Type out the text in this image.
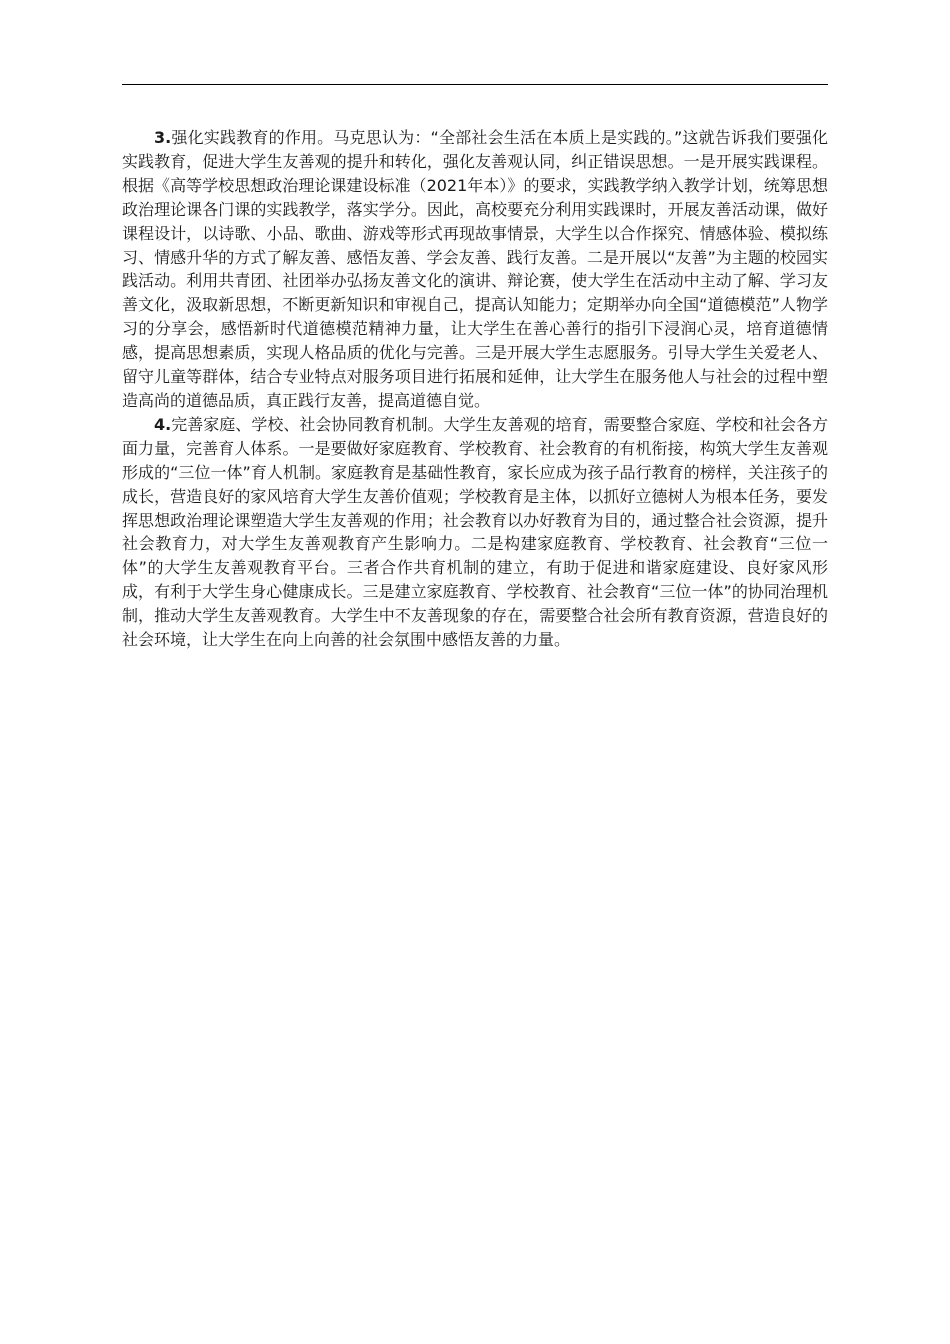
3.强化实践教育的作用。马克思认为：“全部社会生活在本质上是实践的。”这就告诉我们要强化实践教育，促进大学生友善观的提升和转化，强化友善观认同，纠正错误思想。一是开展实践课程。根据《高等学校思想政治理论课建设标准（2021年本）》的要求，实践教学纳入教学计划，统筹思想政治理论课各门课的实践教学，落实学分。因此，高校要充分利用实践课时，开展友善活动课，做好课程设计，以诗歌、小品、歌曲、游戏等形式再现故事情景，大学生以合作探究、情感体验、模拟练习、情感升华的方式了解友善、感悟友善、学会友善、践行友善。二是开展以“友善”为主题的校园实践活动。利用共青团、社团举办弘扬友善文化的演讲、辩论赛，使大学生在活动中主动了解、学习友善文化，汲取新思想，不断更新知识和审视自己，提高认知能力；定期举办向全国“道德模范”人物学习的分享会，感悟新时代道德模范精神力量，让大学生在善心善行的指引下浸润心灵，培育道德情感，提高思想素质，实现人格品质的优化与完善。三是开展大学生志愿服务。引导大学生关爱老人、留守儿童等群体，结合专业特点对服务项目进行拓展和延伸，让大学生在服务他人与社会的过程中塑造高尚的道德品质，真正践行友善，提高道德自觉。

4.完善家庭、学校、社会协同教育机制。大学生友善观的培育，需要整合家庭、学校和社会各方面力量，完善育人体系。一是要做好家庭教育、学校教育、社会教育的有机衔接，构筑大学生友善观形成的“三位一体”育人机制。家庭教育是基础性教育，家长应成为孩子品行教育的榜样，关注孩子的成长，营造良好的家风培育大学生友善价值观；学校教育是主体，以抓好立德树人为根本任务，要发挥思想政治理论课塑造大学生友善观的作用；社会教育以办好教育为目的，通过整合社会资源，提升社会教育力，对大学生友善观教育产生影响力。二是构建家庭教育、学校教育、社会教育“三位一体”的大学生友善观教育平台。三者合作共育机制的建立，有助于促进和谐家庭建设、良好家风形成，有利于大学生身心健康成长。三是建立家庭教育、学校教育、社会教育“三位一体”的协同治理机制，推动大学生友善观教育。大学生中不友善现象的存在，需要整合社会所有教育资源，营造良好的社会环境，让大学生在向上向善的社会氛围中感悟友善的力量。
